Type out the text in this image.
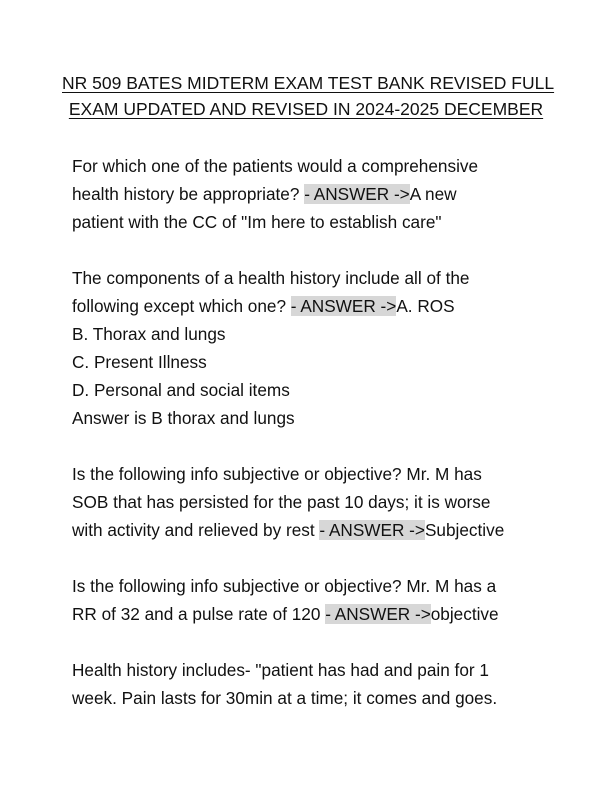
NR 509 BATES MIDTERM EXAM TEST BANK REVISED FULL
EXAM UPDATED AND REVISED IN 2024-2025 DECEMBER
For which one of the patients would a comprehensive
health history be appropriate? - ANSWER ->A new
patient with the CC of "Im here to establish care"
The components of a health history include all of the
following except which one? - ANSWER ->A. ROS
B. Thorax and lungs
C. Present Illness
D. Personal and social items
Answer is B thorax and lungs
Is the following info subjective or objective? Mr. M has
SOB that has persisted for the past 10 days; it is worse
with activity and relieved by rest - ANSWER ->Subjective
Is the following info subjective or objective? Mr. M has a
RR of 32 and a pulse rate of 120 - ANSWER ->objective
Health history includes- "patient has had and pain for 1
week. Pain lasts for 30min at a time; it comes and goes.
